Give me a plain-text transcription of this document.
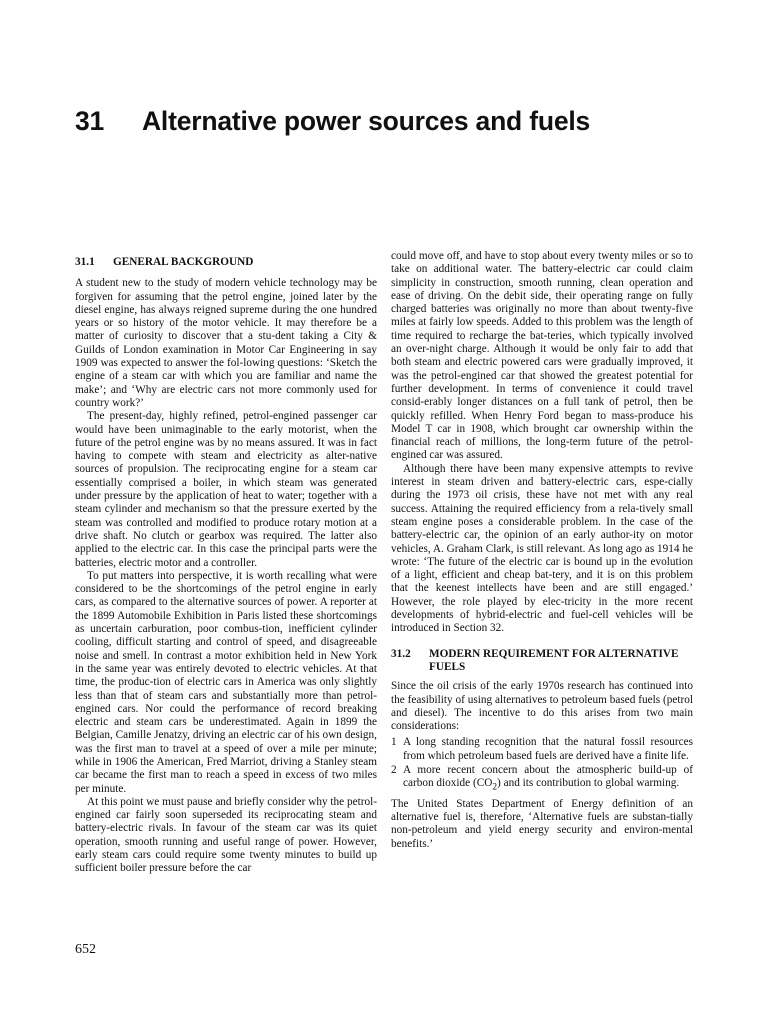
31 Alternative power sources and fuels
31.1	GENERAL BACKGROUND

A student new to the study of modern vehicle technology may be forgiven for assuming that the petrol engine, joined later by the diesel engine, has always reigned supreme during the one hundred years or so history of the motor vehicle. It may therefore be a matter of curiosity to discover that a stu-dent taking a City & Guilds of London examination in Motor Car Engineering in say 1909 was expected to answer the fol-lowing questions: ‘Sketch the engine of a steam car with which you are familiar and name the make’; and ‘Why are electric cars not more commonly used for country work?’

The present-day, highly refined, petrol-engined passenger car would have been unimaginable to the early motorist, when the future of the petrol engine was by no means assured. It was in fact having to compete with steam and electricity as alter-native sources of propulsion. The reciprocating engine for a steam car essentially comprised a boiler, in which steam was generated under pressure by the application of heat to water; together with a steam cylinder and mechanism so that the pressure exerted by the steam was controlled and modified to produce rotary motion at a drive shaft. No clutch or gearbox was required. The latter also applied to the electric car. In this case the principal parts were the batteries, electric motor and a controller.

To put matters into perspective, it is worth recalling what were considered to be the shortcomings of the petrol engine in early cars, as compared to the alternative sources of power. A reporter at the 1899 Automobile Exhibition in Paris listed these shortcomings as uncertain carburation, poor combus-tion, inefficient cylinder cooling, difficult starting and control of speed, and disagreeable noise and smell. In contrast a motor exhibition held in New York in the same year was entirely devoted to electric vehicles. At that time, the produc-tion of electric cars in America was only slightly less than that of steam cars and substantially more than petrol-engined cars. Nor could the performance of record breaking electric and steam cars be underestimated. Again in 1899 the Belgian, Camille Jenatzy, driving an electric car of his own design, was the first man to travel at a speed of over a mile per minute; while in 1906 the American, Fred Marriot, driving a Stanley steam car became the first man to reach a speed in excess of two miles per minute.

At this point we must pause and briefly consider why the petrol-engined car fairly soon superseded its reciprocating steam and battery-electric rivals. In favour of the steam car was its quiet operation, smooth running and useful range of power. However, early steam cars could require some twenty minutes to build up sufficient boiler pressure before the car

could move off, and have to stop about every twenty miles or so to take on additional water. The battery-electric car could claim simplicity in construction, smooth running, clean operation and ease of driving. On the debit side, their operating range on fully charged batteries was originally no more than about twenty-five miles at fairly low speeds. Added to this problem was the length of time required to recharge the bat-teries, which typically involved an over-night charge. Although it would be only fair to add that both steam and electric powered cars were gradually improved, it was the petrol-engined car that showed the greatest potential for further development. In terms of convenience it could travel consid-erably longer distances on a full tank of petrol, then be quickly refilled. When Henry Ford began to mass-produce his Model T car in 1908, which brought car ownership within the financial reach of millions, the long-term future of the petrol-engined car was assured.

Although there have been many expensive attempts to revive interest in steam driven and battery-electric cars, espe-cially during the 1973 oil crisis, these have not met with any real success. Attaining the required efficiency from a rela-tively small steam engine poses a considerable problem. In the case of the battery-electric car, the opinion of an early author-ity on motor vehicles, A. Graham Clark, is still relevant. As long ago as 1914 he wrote: ‘The future of the electric car is bound up in the evolution of a light, efficient and cheap bat-tery, and it is on this problem that the keenest intellects have been and are still engaged.’ However, the role played by elec-tricity in the more recent developments of hybrid-electric and fuel-cell vehicles will be introduced in Section 32.

31.2	MODERN REQUIREMENT FOR ALTERNATIVE FUELS

Since the oil crisis of the early 1970s research has continued into the feasibility of using alternatives to petroleum based fuels (petrol and diesel). The incentive to do this arises from two main considerations:

1 A long standing recognition that the natural fossil resources from which petroleum based fuels are derived have a finite life.
2 A more recent concern about the atmospheric build-up of carbon dioxide $(CO_2)$ and its contribution to global warming.

The United States Department of Energy definition of an alternative fuel is, therefore, ‘Alternative fuels are substan-tially non-petroleum and yield energy security and environ-mental benefits.’

652
